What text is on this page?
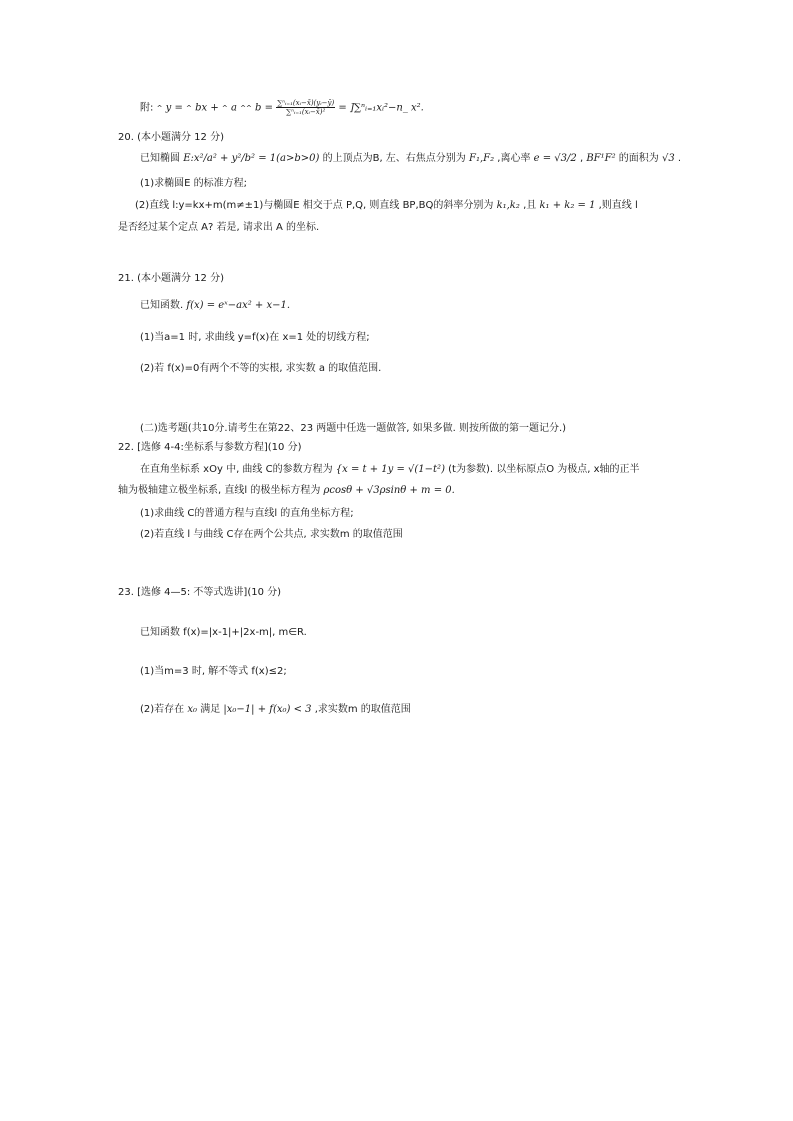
附: ^ y = ^ bx + ^ a ^^ $b = \frac{\text{∑ⁿᵢ₌₁(xᵢ−x̄)(yᵢ−ȳ)}}{\text{∑ⁿᵢ₌₁(xᵢ−x̄)²}}$ = ]∑ⁿᵢ₌₁xᵢ²−n_ x².
20. (本小题满分 12 分)
已知椭圆 E:x²/a² + y²/b² = 1(a>b>0) 的上顶点为B, 左、右焦点分别为 F₁,F₂ ,离心率 e = √3/2 , BF¹F² 的面积为 √3 .
(1)求椭圆E 的标准方程;
(2)直线 l:y=kx+m(m≠±1)与椭圆E 相交于点 P,Q, 则直线 BP,BQ的斜率分别为 k₁,k₂ ,且 k₁ + k₂ = 1 ,则直线 l
是否经过某个定点 A? 若是, 请求出 A 的坐标.
21. (本小题满分 12 分)
已知函数. f(x) = eˣ−ax² + x−1.
(1)当a=1 时, 求曲线 y=f(x)在 x=1 处的切线方程;
(2)若 f(x)=0有两个不等的实根, 求实数 a 的取值范围.
(二)选考题(共10分.请考生在第22、23 两题中任选一题做答, 如果多做. 则按所做的第一题记分.)
22. [选修 4-4:坐标系与参数方程](10 分)
在直角坐标系 xOy 中, 曲线 C的参数方程为 {x = t + 1y = √(1−t²) (t为参数). 以坐标原点O 为极点, x轴的正半
轴为极轴建立极坐标系, 直线l 的极坐标方程为 ρcosθ + √3ρsinθ + m = 0.
(1)求曲线 C的普通方程与直线l 的直角坐标方程;
(2)若直线 l 与曲线 C存在两个公共点, 求实数m 的取值范围
23. [选修 4—5: 不等式选讲](10 分)
已知函数 f(x)=|x-1|+|2x-m|, m∈R.
(1)当m=3 时, 解不等式 f(x)≤2;
(2)若存在 x₀ 满足 |x₀−1| + f(x₀) < 3 ,求实数m 的取值范围
